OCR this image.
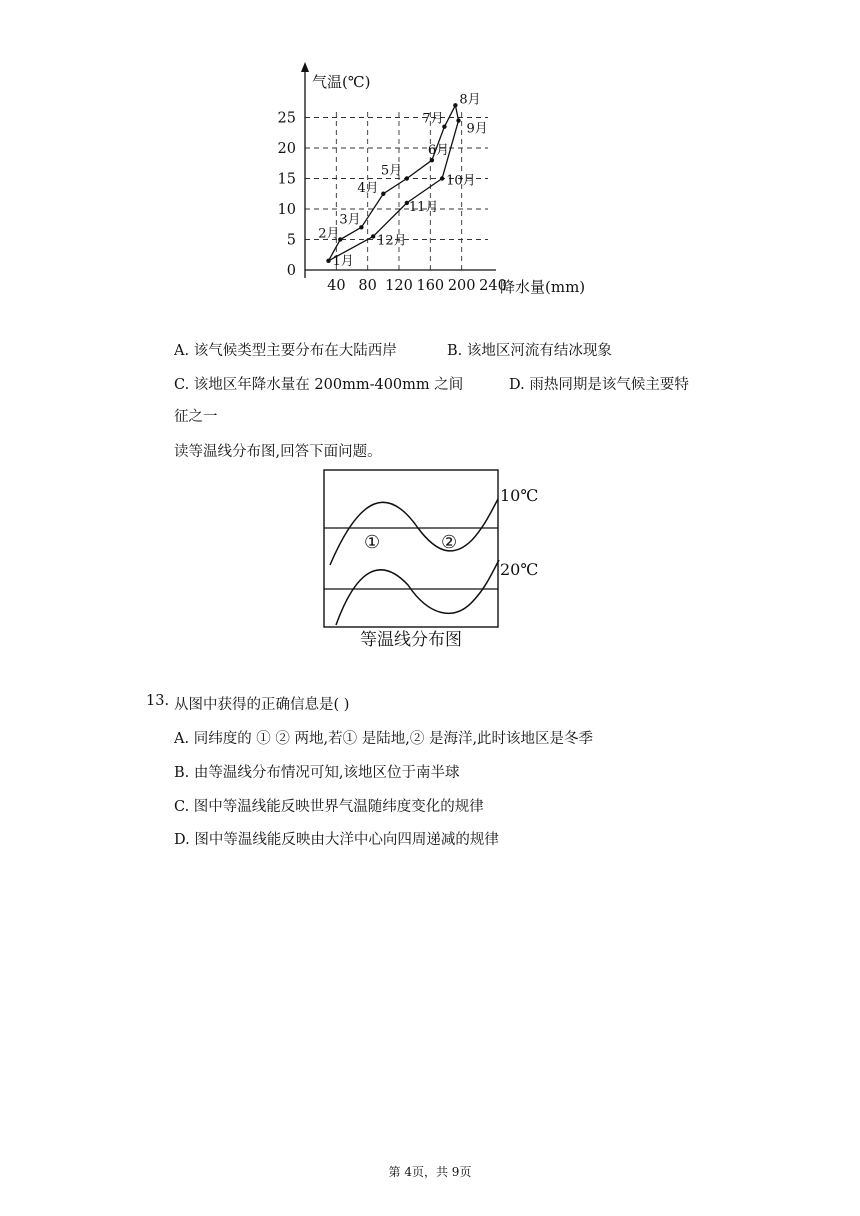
气温(℃)
降水量(mm)
0
5
10
15
20
25
40 80 120 160 200 240
1月
2月
3月
4月
5月
6月
7月
8月
9月
10月
11月
12月
A. 该气候类型主要分布在大陆西岸	B. 该地区河流有结冰现象
C. 该地区年降水量在 200mm-400mm 之间	D. 雨热同期是该气候主要特
征之一
读等温线分布图,回答下面问题。
10℃
20℃
①	②
等温线分布图
13. 从图中获得的正确信息是( )
A. 同纬度的 ① ② 两地,若① 是陆地,② 是海洋,此时该地区是冬季
B. 由等温线分布情况可知,该地区位于南半球
C. 图中等温线能反映世界气温随纬度变化的规律
D. 图中等温线能反映由大洋中心向四周递减的规律
第 4页，共 9页
